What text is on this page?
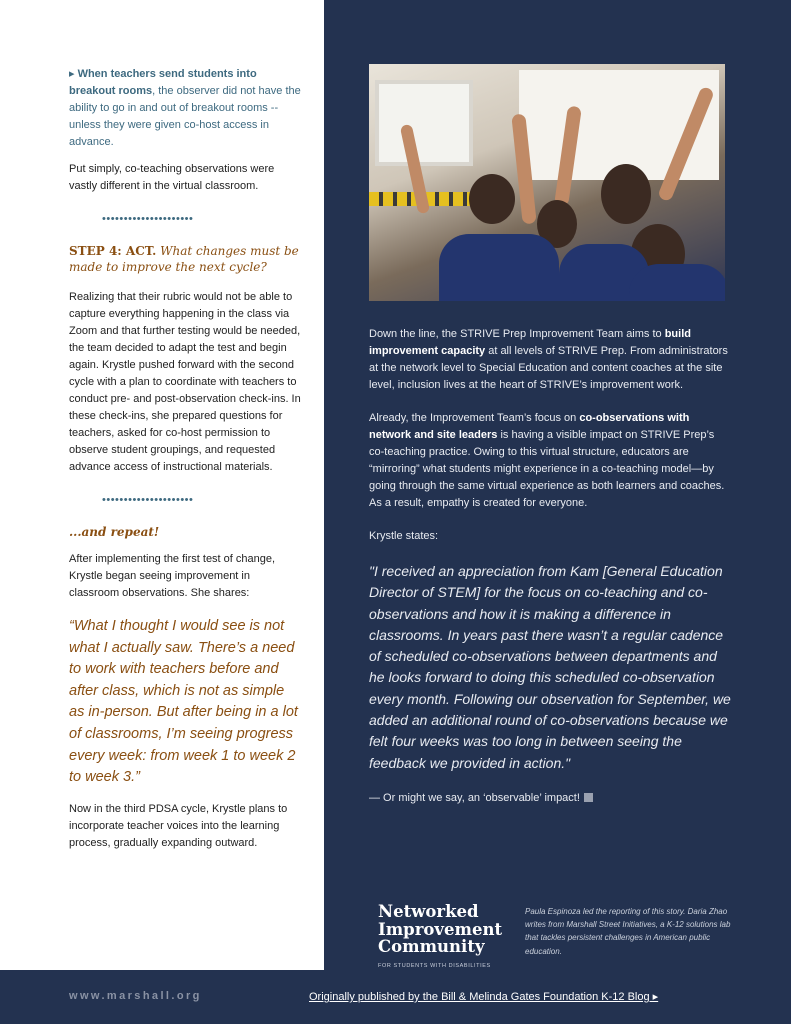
▸ When teachers send students into breakout rooms, the observer did not have the ability to go in and out of breakout rooms -- unless they were given co-host access in advance.

Put simply, co-teaching observations were vastly different in the virtual classroom.

•••••••••••••••••••••
STEP 4: ACT. What changes must be made to improve the next cycle?

Realizing that their rubric would not be able to capture everything happening in the class via Zoom and that further testing would be needed, the team decided to adapt the test and begin again. Krystle pushed forward with the second cycle with a plan to coordinate with teachers to conduct pre- and post-observation check-ins. In these check-ins, she prepared questions for teachers, asked for co-host permission to observe student groupings, and requested advance access of instructional materials.

•••••••••••••••••••••
...and repeat!

After implementing the first test of change, Krystle began seeing improvement in classroom observations. She shares:

“What I thought I would see is not what I actually saw. There’s a need to work with teachers before and after class, which is not as simple as in-person. But after being in a lot of classrooms, I’m seeing progress every week: from week 1 to week 2 to week 3.”

Now in the third PDSA cycle, Krystle plans to incorporate teacher voices into the learning process, gradually expanding outward.

Down the line, the STRIVE Prep Improvement Team aims to build improvement capacity at all levels of STRIVE Prep. From administrators at the network level to Special Education and content coaches at the site level, inclusion lives at the heart of STRIVE’s improvement work.

Already, the Improvement Team’s focus on co-observations with network and site leaders is having a visible impact on STRIVE Prep’s co-teaching practice. Owing to this virtual structure, educators are “mirroring” what students might experience in a co-teaching model—by going through the same virtual experience as both learners and coaches. As a result, empathy is created for everyone.

Krystle states:

"I received an appreciation from Kam [General Education Director of STEM] for the focus on co-teaching and co-observations and how it is making a difference in classrooms. In years past there wasn’t a regular cadence of scheduled co-observations between departments and he looks forward to doing this scheduled co-observation every month. Following our observation for September, we added an additional round of co-observations because we felt four weeks was too long in between seeing the feedback we provided in action."

— Or might we say, an ‘observable’ impact!
Networked
Improvement
Community
FOR STUDENTS WITH DISABILITIES
Paula Espinoza led the reporting of this story. Daria Zhao writes from Marshall Street Initiatives, a K-12 solutions lab that tackles persistent challenges in American public education.
www.marshall.org	Originally published by the Bill & Melinda Gates Foundation K-12 Blog ▸
